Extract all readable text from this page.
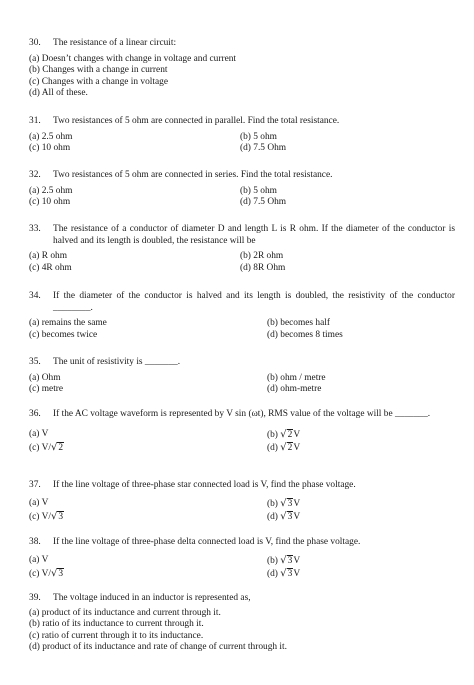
30. The resistance of a linear circuit:
(a) Doesn’t changes with change in voltage and current
(b) Changes with a change in current
(c) Changes with a change in voltage
(d) All of these.
31. Two resistances of 5 ohm are connected in parallel. Find the total resistance.
(a) 2.5 ohm	(b) 5 ohm
(c) 10 ohm	(d) 7.5 Ohm
32. Two resistances of 5 ohm are connected in series. Find the total resistance.
(a) 2.5 ohm	(b) 5 ohm
(c) 10 ohm	(d) 7.5 Ohm
33. The resistance of a conductor of diameter D and length L is R ohm. If the diameter of the conductor is halved and its length is doubled, the resistance will be
(a) R ohm	(b) 2R ohm
(c) 4R ohm	(d) 8R Ohm
34. If the diameter of the conductor is halved and its length is doubled, the resistivity of the conductor ________.
(a) remains the same	(b) becomes half
(c) becomes twice	(d) becomes 8 times
35. The unit of resistivity is _______.
(a) Ohm	(b) ohm / metre
(c) metre	(d) ohm-metre
36. If the AC voltage waveform is represented by V sin (ωt), RMS value of the voltage will be _______.
(a) V	(b) √2V
(c) V/√2	(d) √2V
37. If the line voltage of three-phase star connected load is V, find the phase voltage.
(a) V	(b) √3V
(c) V/√3	(d) √3V
38. If the line voltage of three-phase delta connected load is V, find the phase voltage.
(a) V	(b) √3V
(c) V/√3	(d) √3V
39. The voltage induced in an inductor is represented as,
(a) product of its inductance and current through it.
(b) ratio of its inductance to current through it.
(c) ratio of current through it to its inductance.
(d) product of its inductance and rate of change of current through it.
